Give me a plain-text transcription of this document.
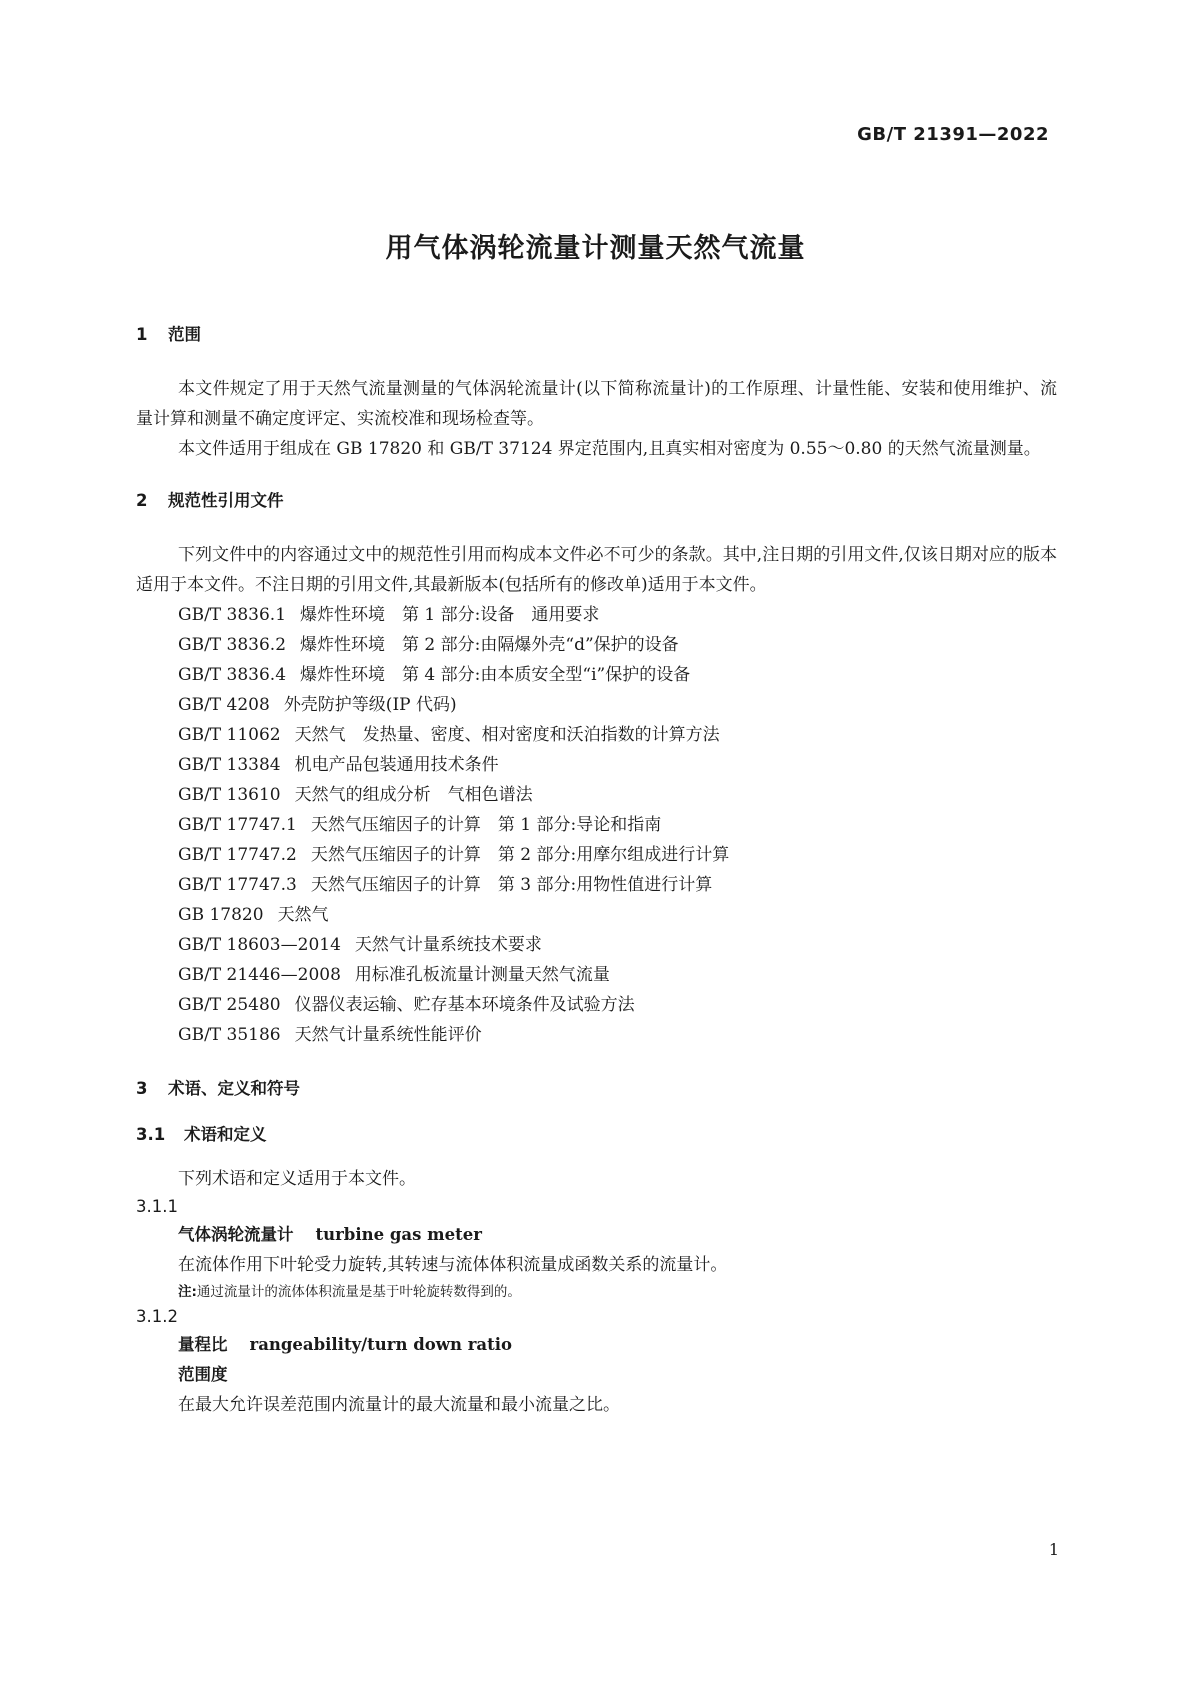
GB/T 21391—2022
用气体涡轮流量计测量天然气流量
1 范围

本文件规定了用于天然气流量测量的气体涡轮流量计(以下简称流量计)的工作原理、计量性能、安装和使用维护、流量计算和测量不确定度评定、实流校准和现场检查等。

本文件适用于组成在 GB 17820 和 GB/T 37124 界定范围内,且真实相对密度为 0.55～0.80 的天然气流量测量。

2 规范性引用文件

下列文件中的内容通过文中的规范性引用而构成本文件必不可少的条款。其中,注日期的引用文件,仅该日期对应的版本适用于本文件。不注日期的引用文件,其最新版本(包括所有的修改单)适用于本文件。

GB/T 3836.1 爆炸性环境　第 1 部分:设备　通用要求
GB/T 3836.2 爆炸性环境　第 2 部分:由隔爆外壳“d”保护的设备
GB/T 3836.4 爆炸性环境　第 4 部分:由本质安全型“i”保护的设备
GB/T 4208 外壳防护等级(IP 代码)
GB/T 11062 天然气　发热量、密度、相对密度和沃泊指数的计算方法
GB/T 13384 机电产品包装通用技术条件
GB/T 13610 天然气的组成分析　气相色谱法
GB/T 17747.1 天然气压缩因子的计算　第 1 部分:导论和指南
GB/T 17747.2 天然气压缩因子的计算　第 2 部分:用摩尔组成进行计算
GB/T 17747.3 天然气压缩因子的计算　第 3 部分:用物性值进行计算
GB 17820 天然气
GB/T 18603—2014 天然气计量系统技术要求
GB/T 21446—2008 用标准孔板流量计测量天然气流量
GB/T 25480 仪器仪表运输、贮存基本环境条件及试验方法
GB/T 35186 天然气计量系统性能评价
3 术语、定义和符号
3.1 术语和定义

下列术语和定义适用于本文件。

3.1.1
气体涡轮流量计 turbine gas meter
在流体作用下叶轮受力旋转,其转速与流体体积流量成函数关系的流量计。
注:通过流量计的流体体积流量是基于叶轮旋转数得到的。
3.1.2
量程比 rangeability/turn down ratio
范围度
在最大允许误差范围内流量计的最大流量和最小流量之比。
1
